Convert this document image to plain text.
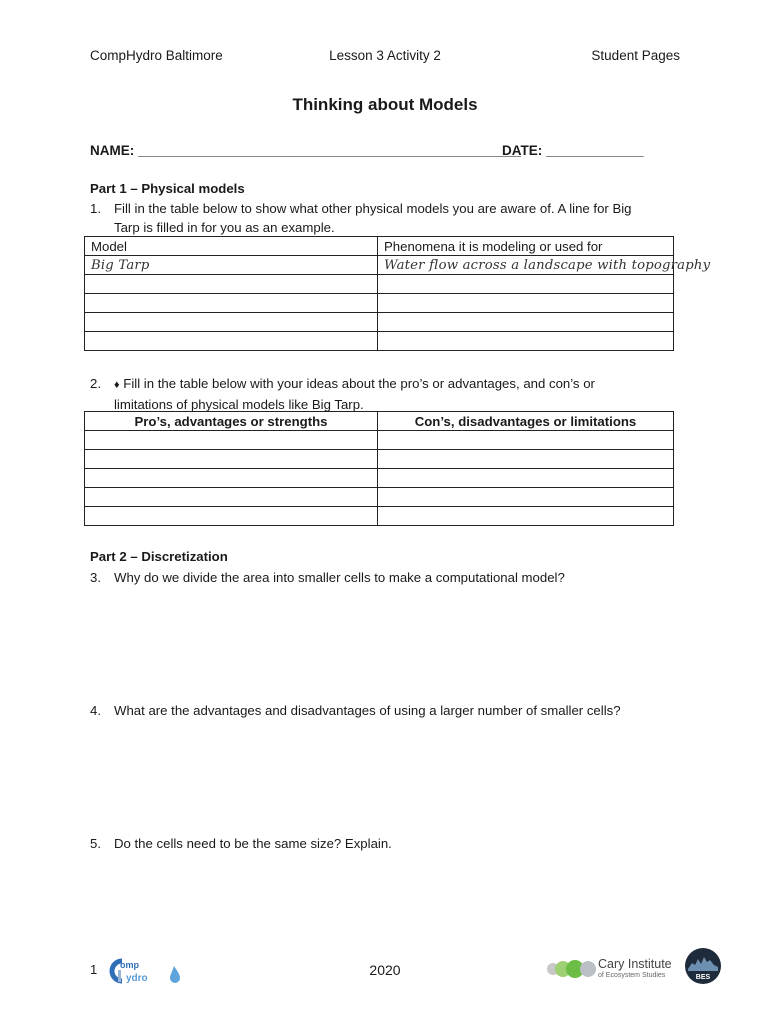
CompHydro Baltimore	Lesson 3 Activity 2	Student Pages
Thinking about Models
NAME: ___________________________________________________
DATE: _____________
Part 1 – Physical models
1. Fill in the table below to show what other physical models you are aware of. A line for Big
Tarp is filled in for you as an example.
Model	Phenomena it is modeling or used for
Big Tarp	Water flow across a landscape with topography

2. ♦ Fill in the table below with your ideas about the pro’s or advantages, and con’s or
limitations of physical models like Big Tarp.
Pro’s, advantages or strengths	Con’s, disadvantages or limitations

Part 2 – Discretization
3. Why do we divide the area into smaller cells to make a computational model?
4. What are the advantages and disadvantages of using a larger number of smaller cells?
5. Do the cells need to be the same size? Explain.
1	omp
ydro
2020	Cary Institute
of Ecosystem Studies	BES
